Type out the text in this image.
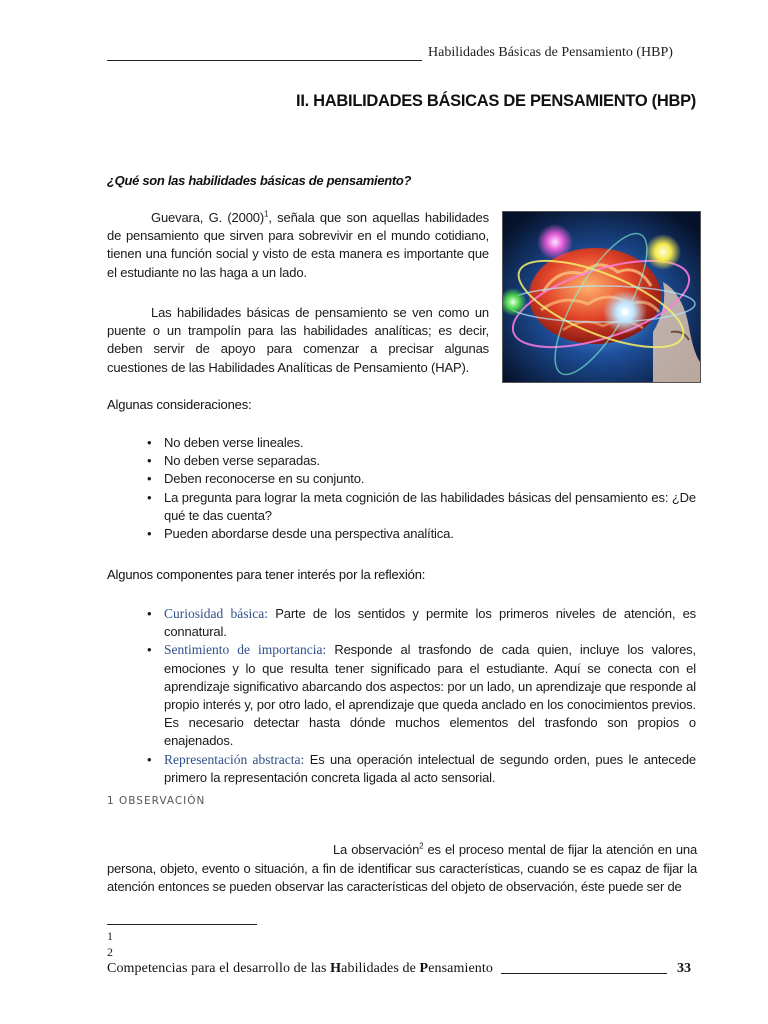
Habilidades Básicas de Pensamiento (HBP)
II. HABILIDADES BÁSICAS DE PENSAMIENTO (HBP)
¿Qué son las habilidades básicas de pensamiento?
Guevara, G. $(2000)^1$, señala que son aquellas habilidades de pensamiento que sirven para sobrevivir en el mundo cotidiano, tienen una función social y visto de esta manera es importante que el estudiante no las haga a un lado.
Las habilidades básicas de pensamiento se ven como un puente o un trampolín para las habilidades analíticas; es decir, deben servir de apoyo para comenzar a precisar algunas cuestiones de las Habilidades Analíticas de Pensamiento (HAP).
Algunas consideraciones:
• No deben verse lineales.
• No deben verse separadas.
• Deben reconocerse en su conjunto.
• La pregunta para lograr la meta cognición de las habilidades básicas del pensamiento es: ¿De qué te das cuenta?
• Pueden abordarse desde una perspectiva analítica.
Algunos componentes para tener interés por la reflexión:
• Curiosidad básica: Parte de los sentidos y permite los primeros niveles de atención, es connatural.
• Sentimiento de importancia: Responde al trasfondo de cada quien, incluye los valores, emociones y lo que resulta tener significado para el estudiante. Aquí se conecta con el aprendizaje significativo abarcando dos aspectos: por un lado, un aprendizaje que responde al propio interés y, por otro lado, el aprendizaje que queda anclado en los conocimientos previos. Es necesario detectar hasta dónde muchos elementos del trasfondo son propios o enajenados.
• Representación abstracta: Es una operación intelectual de segundo orden, pues le antecede primero la representación concreta ligada al acto sensorial.
1 OBSERVACIÓN
La observación$^2$ es el proceso mental de fijar la atención en una persona, objeto, evento o situación, a fin de identificar sus características, cuando se es capaz de fijar la atención entonces se pueden observar las características del objeto de observación, éste puede ser de
1
2
Competencias para el desarrollo de las Habilidades de Pensamiento	33
